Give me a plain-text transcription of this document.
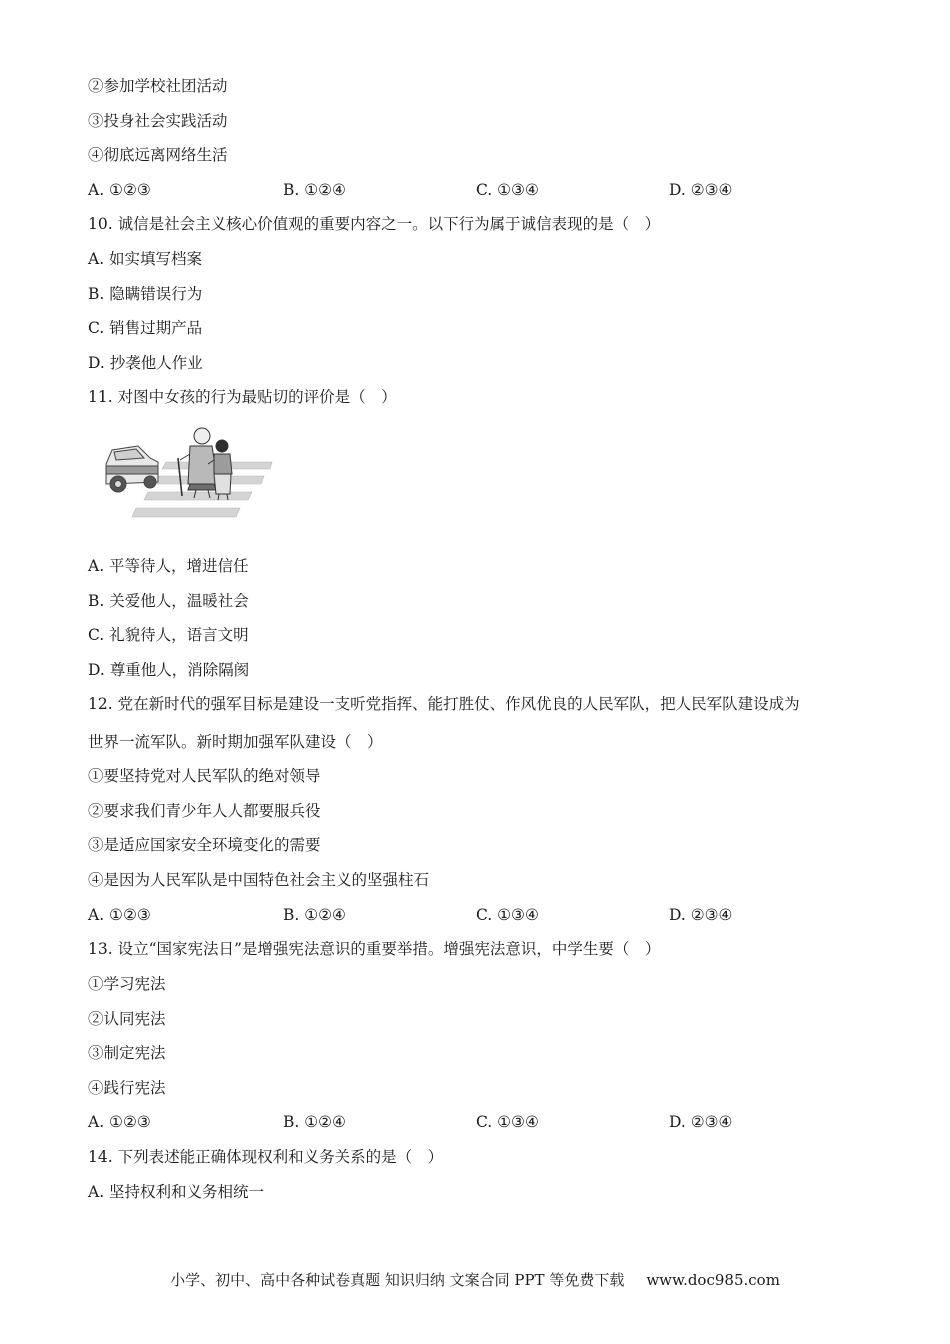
②参加学校社团活动
③投身社会实践活动
④彻底远离网络生活
A. ①②③	B. ①②④	C. ①③④	D. ②③④
10. 诚信是社会主义核心价值观的重要内容之一。以下行为属于诚信表现的是（　）
A. 如实填写档案
B. 隐瞒错误行为
C. 销售过期产品
D. 抄袭他人作业
11. 对图中女孩的行为最贴切的评价是（　）
A. 平等待人，增进信任
B. 关爱他人，温暖社会
C. 礼貌待人，语言文明
D. 尊重他人，消除隔阂
12. 党在新时代的强军目标是建设一支听党指挥、能打胜仗、作风优良的人民军队，把人民军队建设成为
世界一流军队。新时期加强军队建设（　）
①要坚持党对人民军队的绝对领导
②要求我们青少年人人都要服兵役
③是适应国家安全环境变化的需要
④是因为人民军队是中国特色社会主义的坚强柱石
A. ①②③	B. ①②④	C. ①③④	D. ②③④
13. 设立“国家宪法日”是增强宪法意识的重要举措。增强宪法意识，中学生要（　）
①学习宪法
②认同宪法
③制定宪法
④践行宪法
A. ①②③	B. ①②④	C. ①③④	D. ②③④
14. 下列表述能正确体现权利和义务关系的是（　）
A. 坚持权利和义务相统一
小学、初中、高中各种试卷真题 知识归纳 文案合同 PPT 等免费下载 www.doc985.com
